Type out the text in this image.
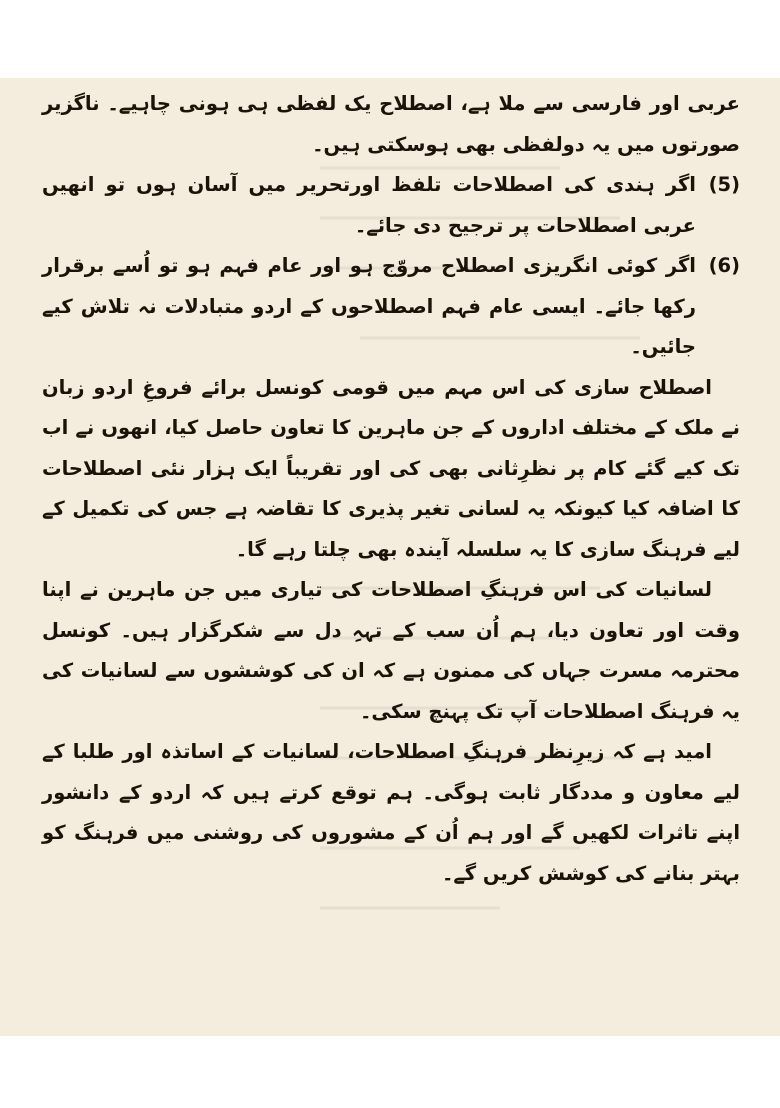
عربی اور فارسی سے ملا ہے، اصطلاح یک لفظی ہی ہونی چاہیے۔ ناگزیر صورتوں میں یہ دولفظی بھی ہوسکتی ہیں۔

(5)

اگر ہندی کی اصطلاحات تلفظ اورتحریر میں آسان ہوں تو انھیں عربی اصطلاحات پر ترجیح دی جائے۔

(6)

اگر کوئی انگریزی اصطلاح مروّج ہو اور عام فہم ہو تو اُسے برقرار رکھا جائے۔ ایسی عام فہم اصطلاحوں کے اردو متبادلات نہ تلاش کیے جائیں۔

اصطلاح سازی کی اس مہم میں قومی کونسل برائے فروغِ اردو زبان نے ملک کے مختلف اداروں کے جن ماہرین کا تعاون حاصل کیا، انھوں نے اب تک کیے گئے کام پر نظرِثانی بھی کی اور تقریباً ایک ہزار نئی اصطلاحات کا اضافہ کیا کیونکہ یہ لسانی تغیر پذیری کا تقاضہ ہے جس کی تکمیل کے لیے فرہنگ سازی کا یہ سلسلہ آیندہ بھی چلتا رہے گا۔

لسانیات کی اس فرہنگِ اصطلاحات کی تیاری میں جن ماہرین نے اپنا وقت اور تعاون دیا، ہم اُن سب کے تہہِ دل سے شکرگزار ہیں۔ کونسل محترمہ مسرت جہاں کی ممنون ہے کہ ان کی کوششوں سے لسانیات کی یہ فرہنگ اصطلاحات آپ تک پہنچ سکی۔

امید ہے کہ زیرِنظر فرہنگِ اصطلاحات، لسانیات کے اساتذہ اور طلبا کے لیے معاون و مددگار ثابت ہوگی۔ ہم توقع کرتے ہیں کہ اردو کے دانشور اپنے تاثرات لکھیں گے اور ہم اُن کے مشوروں کی روشنی میں فرہنگ کو بہتر بنانے کی کوشش کریں گے۔
